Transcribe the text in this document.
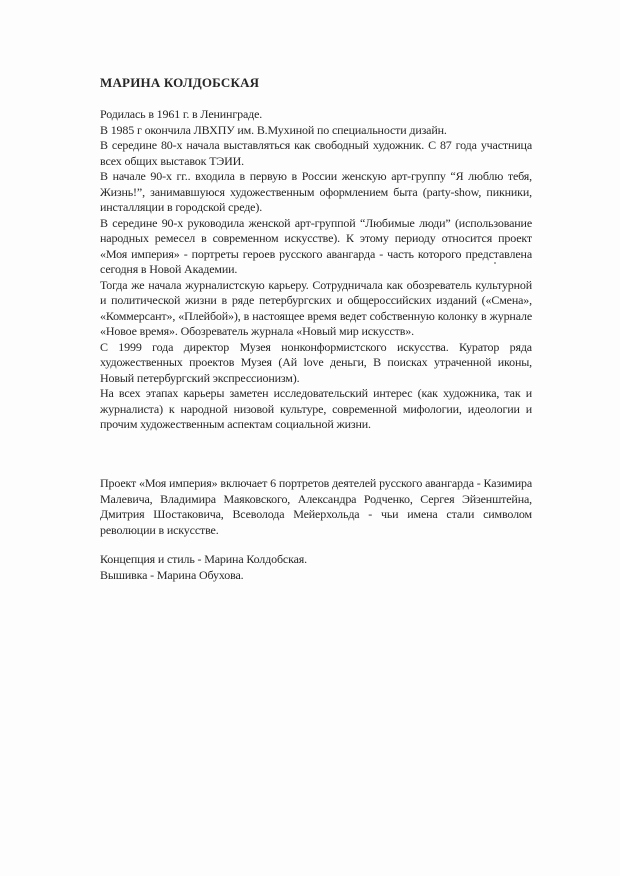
МАРИНА КОЛДОБСКАЯ

Родилась в 1961 г. в Ленинграде.

В 1985 г окончила ЛВХПУ им. В.Мухиной по специальности дизайн.

В середине 80-х начала выставляться как свободный художник. С 87 года участница всех общих выставок ТЭИИ.

В начале 90-х гг.. входила в первую в России женскую арт-группу “Я люблю тебя, Жизнь!”, занимавшуюся художественным оформлением быта (party-show, пикники, инсталляции в городской среде).

В середине 90-х руководила женской арт-группой “Любимые люди” (использование народных ремесел в современном искусстве). К этому периоду относится проект «Моя империя» - портреты героев русского авангарда - часть которого представлена сегодня в Новой Академии.

Тогда же начала журналистскую карьеру. Сотрудничала как обозреватель культурной и политической жизни в ряде петербургских и общероссийских изданий («Смена», «Коммерсант», «Плейбой»), в настоящее время ведет собственную колонку в журнале «Новое время». Обозреватель журнала «Новый мир искусств».

С 1999 года директор Музея нонконформистского искусства. Куратор ряда художественных проектов Музея (Ай love деньги, В поисках утраченной иконы, Новый петербургский экспрессионизм).

На всех этапах карьеры заметен исследовательский интерес (как художника, так и журналиста) к народной низовой культуре, современной мифологии, идеологии и прочим художественным аспектам социальной жизни.

Проект «Моя империя» включает 6 портретов деятелей русского авангарда - Казимира Малевича, Владимира Маяковского, Александра Родченко, Сергея Эйзенштейна, Дмитрия Шостаковича, Всеволода Мейерхольда - чьи имена стали символом революции в искусстве.

Концепция и стиль - Марина Колдобская.

Вышивка - Марина Обухова.
